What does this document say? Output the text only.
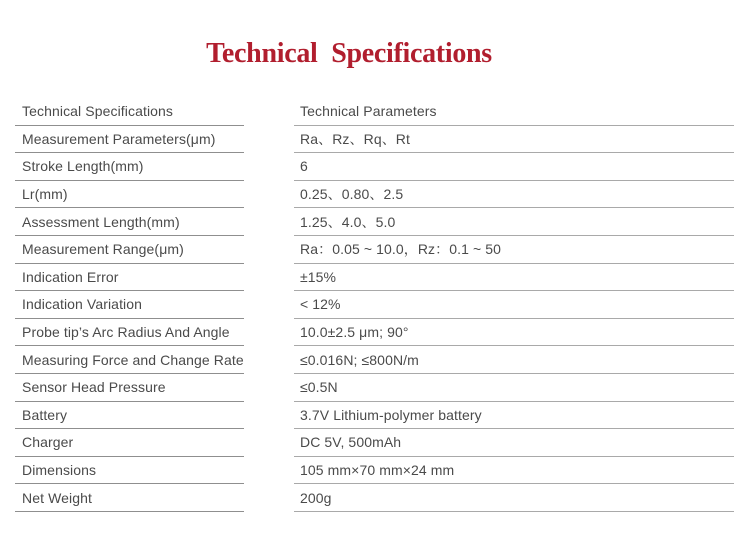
Technical Specifications
Technical Specifications	Technical Parameters
Measurement Parameters(μm)	Ra、Rz、Rq、Rt
Stroke Length(mm)	6
Lr(mm)	0.25、0.80、2.5
Assessment Length(mm)	1.25、4.0、5.0
Measurement Range(μm)	Ra：0.05 ~ 10.0，Rz：0.1 ~ 50
Indication Error	±15%
Indication Variation	< 12%
Probe tip’s Arc Radius And Angle	10.0±2.5 μm; 90°
Measuring Force and Change Rate	≤0.016N; ≤800N/m
Sensor Head Pressure	≤0.5N
Battery	3.7V Lithium-polymer battery
Charger	DC 5V, 500mAh
Dimensions	105 mm×70 mm×24 mm
Net Weight	200g
